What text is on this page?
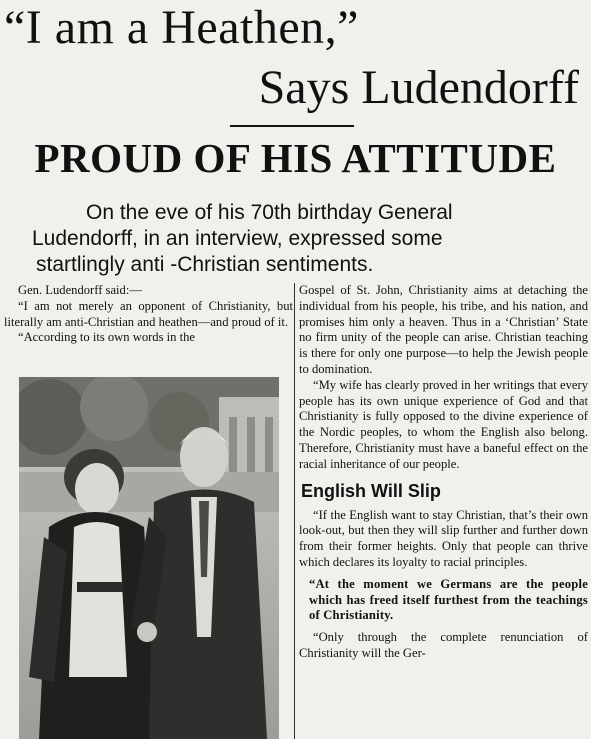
“I am a Heathen,”
Says Ludendorff
PROUD OF HIS ATTITUDE
On the eve of his 70th birthday General
Ludendorff, in an interview, expressed some
startlingly anti -Christian sentiments.

Gen. Ludendorff said:—

“I am not merely an opponent of Christianity, but literally am anti-Christian and heathen—and proud of it.

“According to its own words in the

Gospel of St. John, Christianity aims at detaching the individual from his people, his tribe, and his nation, and promises him only a heaven. Thus in a ‘Christian’ State no firm unity of the people can arise. Christian teaching is there for only one purpose—to help the Jewish people to domination.

“My wife has clearly proved in her writings that every people has its own unique experience of God and that Christianity is fully opposed to the divine experience of the Nordic peoples, to whom the English also belong. Therefore, Christianity must have a baneful effect on the racial inheritance of our people.

English Will Slip

“If the English want to stay Christian, that’s their own look-out, but then they will slip further and further down from their former heights. Only that people can thrive which declares its loyalty to racial principles.

“At the moment we Germans are the people which has freed itself furthest from the teachings of Christianity.

“Only through the complete renunciation of Christianity will the Ger-
